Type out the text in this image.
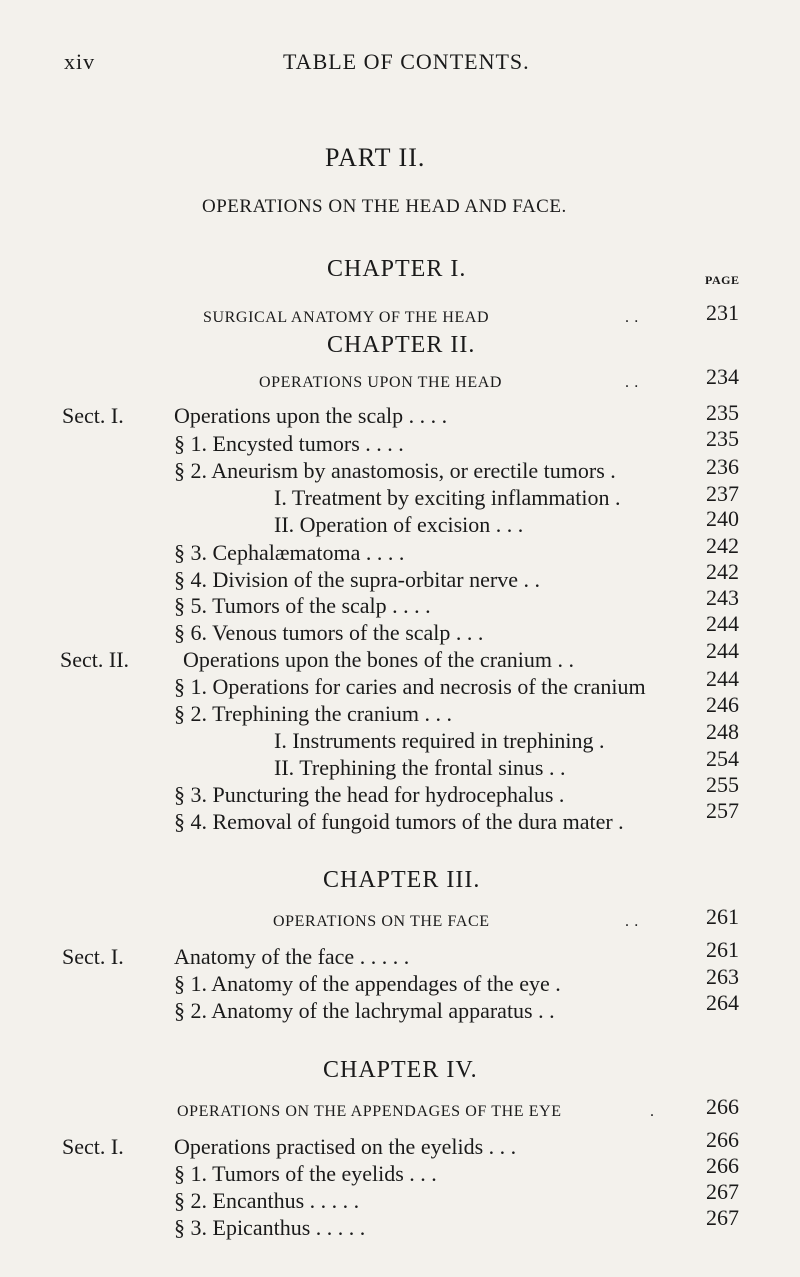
xiv	TABLE OF CONTENTS.
PART II.
OPERATIONS ON THE HEAD AND FACE.
CHAPTER I.	PAGE
SURGICAL ANATOMY OF THE HEAD	. .	231
CHAPTER II.
OPERATIONS UPON THE HEAD	. .	234
Sect. I. Operations upon the scalp . . . .	235
§ 1. Encysted tumors . . . .	235
§ 2. Aneurism by anastomosis, or erectile tumors .	236
I. Treatment by exciting inflammation .	237
II. Operation of excision . . .	240
§ 3. Cephalæmatoma . . . .	242
§ 4. Division of the supra-orbitar nerve . .	242
§ 5. Tumors of the scalp . . . .	243
§ 6. Venous tumors of the scalp . . .	244
Sect. II. Operations upon the bones of the cranium . .	244
§ 1. Operations for caries and necrosis of the cranium	244
§ 2. Trephining the cranium . . .	246
I. Instruments required in trephining .	248
II. Trephining the frontal sinus . .	254
§ 3. Puncturing the head for hydrocephalus .	255
§ 4. Removal of fungoid tumors of the dura mater .	257
CHAPTER III.
OPERATIONS ON THE FACE	. .	261
Sect. I. Anatomy of the face . . . . .	261
§ 1. Anatomy of the appendages of the eye .	263
§ 2. Anatomy of the lachrymal apparatus . .	264
CHAPTER IV.
OPERATIONS ON THE APPENDAGES OF THE EYE	.	266
Sect. I. Operations practised on the eyelids . . .	266
§ 1. Tumors of the eyelids . . .	266
§ 2. Encanthus . . . . .	267
§ 3. Epicanthus . . . . .	267
